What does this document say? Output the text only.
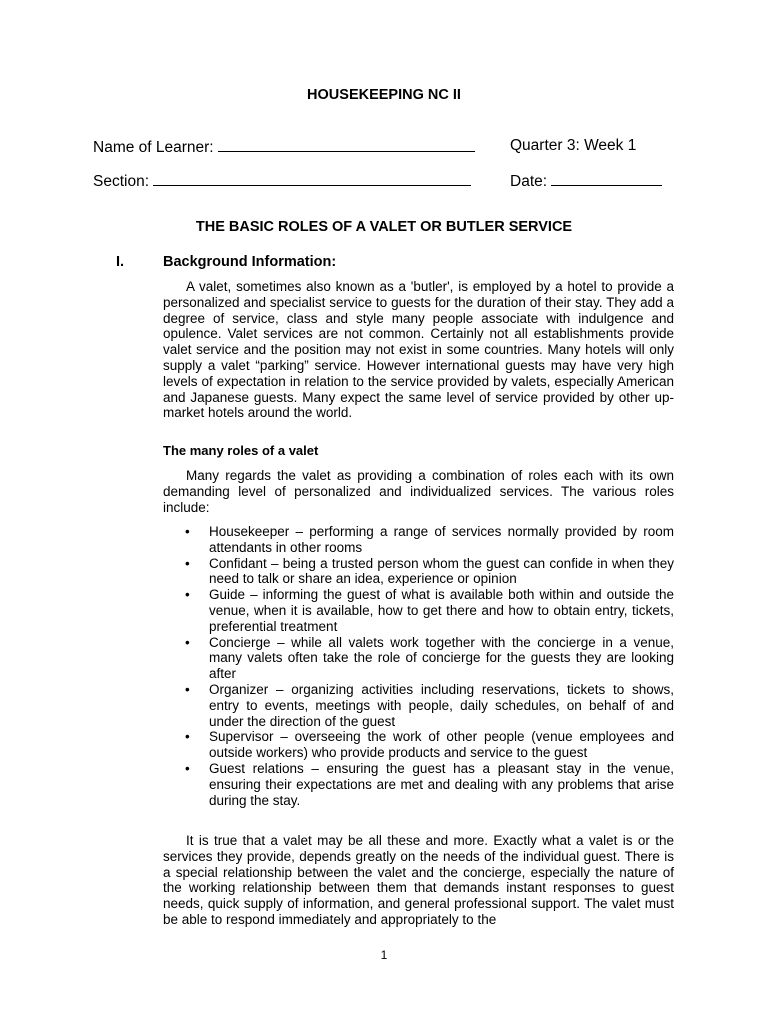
HOUSEKEEPING NC II
Name of Learner:	Quarter 3: Week 1
Section:	Date:
THE BASIC ROLES OF A VALET OR BUTLER SERVICE
I.	Background Information:

A valet, sometimes also known as a 'butler', is employed by a hotel to provide a personalized and specialist service to guests for the duration of their stay. They add a degree of service, class and style many people associate with indulgence and opulence. Valet services are not common. Certainly not all establishments provide valet service and the position may not exist in some countries. Many hotels will only supply a valet “parking” service. However international guests may have very high levels of expectation in relation to the service provided by valets, especially American and Japanese guests. Many expect the same level of service provided by other up-market hotels around the world.

The many roles of a valet

Many regards the valet as providing a combination of roles each with its own demanding level of personalized and individualized services. The various roles include:

• Housekeeper – performing a range of services normally provided by room attendants in other rooms
• Confidant – being a trusted person whom the guest can confide in when they need to talk or share an idea, experience or opinion
• Guide – informing the guest of what is available both within and outside the venue, when it is available, how to get there and how to obtain entry, tickets, preferential treatment
• Concierge – while all valets work together with the concierge in a venue, many valets often take the role of concierge for the guests they are looking after
• Organizer – organizing activities including reservations, tickets to shows, entry to events, meetings with people, daily schedules, on behalf of and under the direction of the guest
• Supervisor – overseeing the work of other people (venue employees and outside workers) who provide products and service to the guest
• Guest relations – ensuring the guest has a pleasant stay in the venue, ensuring their expectations are met and dealing with any problems that arise during the stay.

It is true that a valet may be all these and more. Exactly what a valet is or the services they provide, depends greatly on the needs of the individual guest. There is a special relationship between the valet and the concierge, especially the nature of the working relationship between them that demands instant responses to guest needs, quick supply of information, and general professional support. The valet must be able to respond immediately and appropriately to the

1
